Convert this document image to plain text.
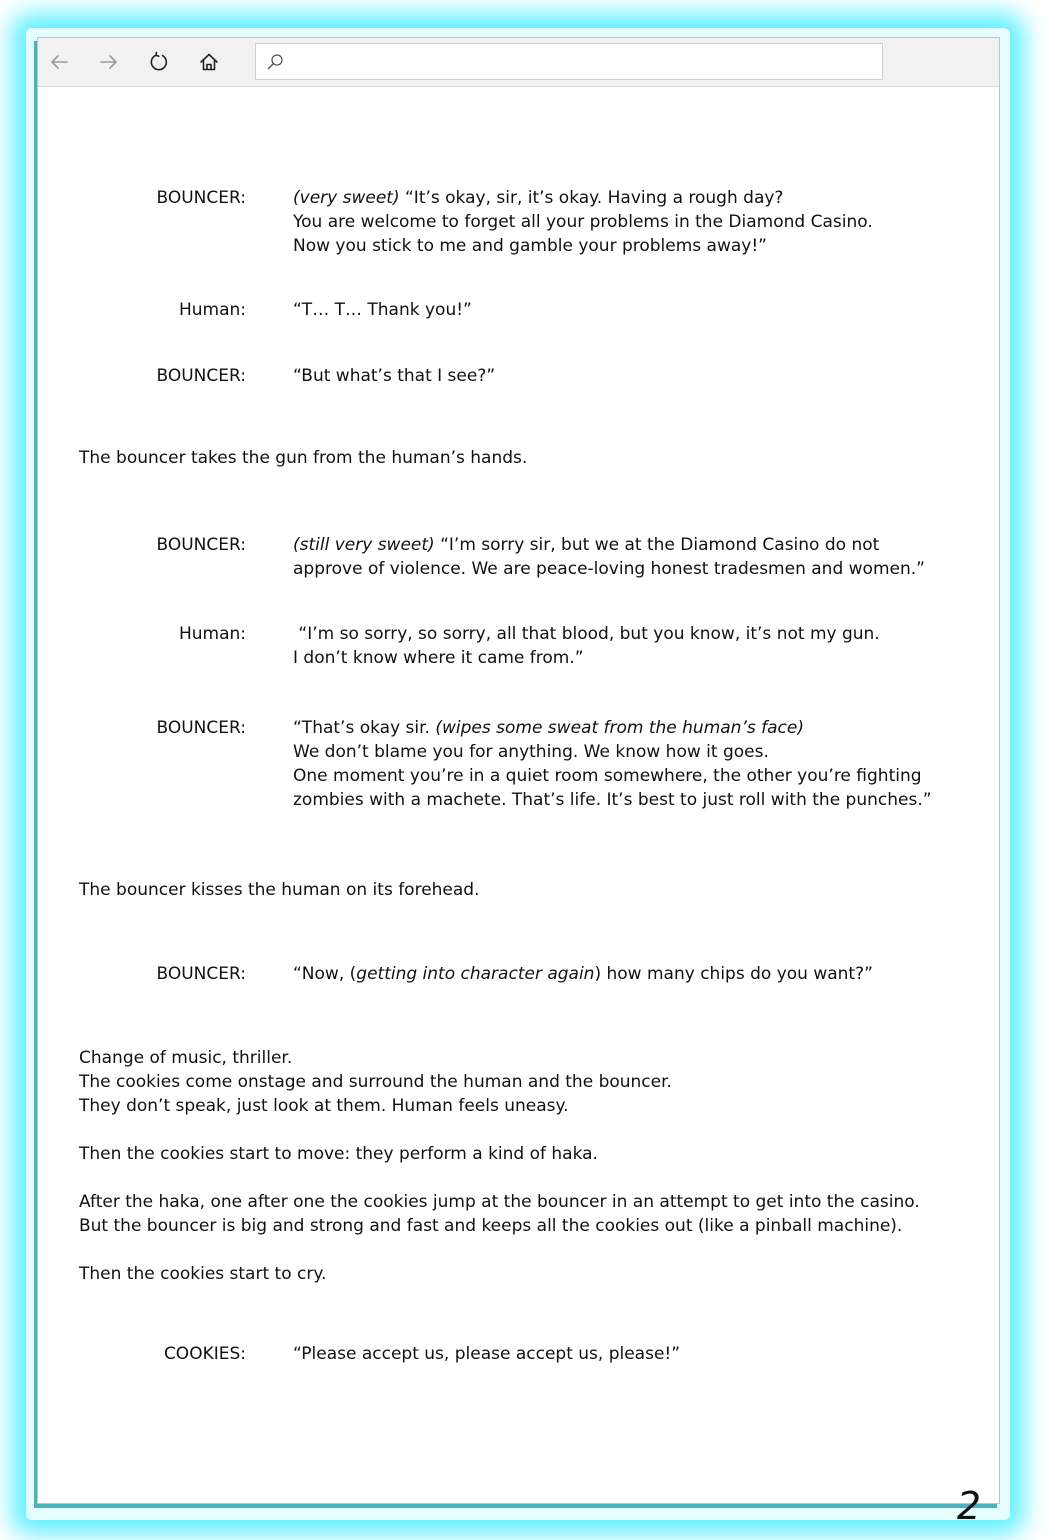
BOUNCER:	(very sweet) “It’s okay, sir, it’s okay. Having a rough day?
You are welcome to forget all your problems in the Diamond Casino.
Now you stick to me and gamble your problems away!”
Human:	“T… T… Thank you!”
BOUNCER:	“But what’s that I see?”
The bouncer takes the gun from the human’s hands.
BOUNCER:	(still very sweet) “I’m sorry sir, but we at the Diamond Casino do not
approve of violence. We are peace-loving honest tradesmen and women.”
Human:	“I’m so sorry, so sorry, all that blood, but you know, it’s not my gun.
I don’t know where it came from.”
BOUNCER:	“That’s okay sir. (wipes some sweat from the human’s face)
We don’t blame you for anything. We know how it goes.
One moment you’re in a quiet room somewhere, the other you’re fighting
zombies with a machete. That’s life. It’s best to just roll with the punches.”
The bouncer kisses the human on its forehead.
BOUNCER:	“Now, (getting into character again) how many chips do you want?”
Change of music, thriller.
The cookies come onstage and surround the human and the bouncer.
They don’t speak, just look at them. Human feels uneasy.
Then the cookies start to move: they perform a kind of haka.
After the haka, one after one the cookies jump at the bouncer in an attempt to get into the casino.
But the bouncer is big and strong and fast and keeps all the cookies out (like a pinball machine).
Then the cookies start to cry.
COOKIES:	“Please accept us, please accept us, please!”
2
